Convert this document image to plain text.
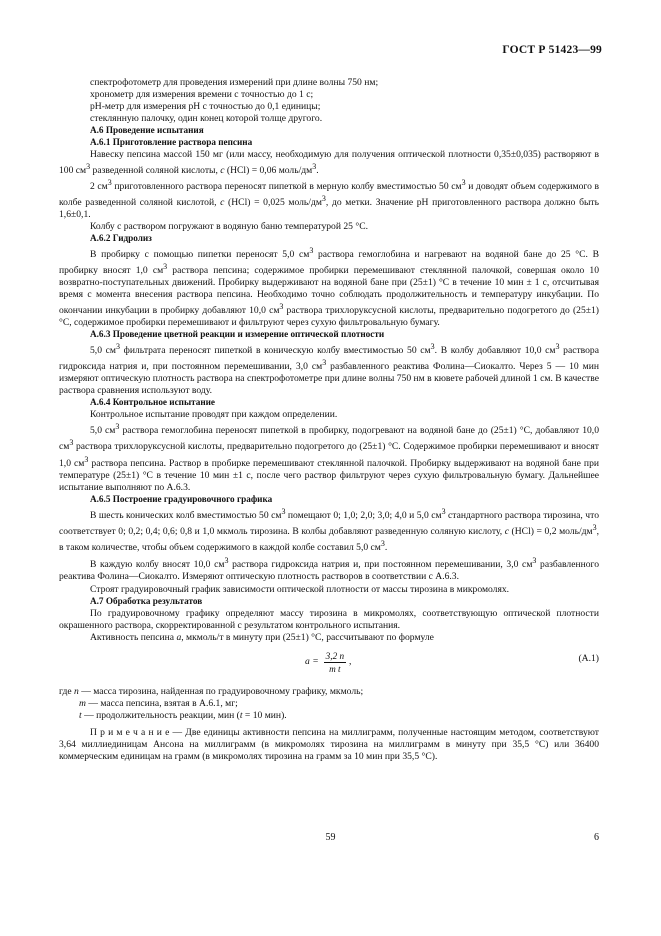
ГОСТ Р 51423—99

спектрофотометр для проведения измерений при длине волны 750 нм;

хронометр для измерения времени с точностью до 1 с;

рН-метр для измерения рН с точностью до 0,1 единицы;

стеклянную палочку, один конец которой толще другого.

А.6 Проведение испытания

А.6.1 Приготовление раствора пепсина

Навеску пепсина массой 150 мг (или массу, необходимую для получения оптической плотности 0,35±0,035) растворяют в 100 $см^3$ разведенной соляной кислоты, c (HCl) = 0,06 моль/$дм^3$.

2 $см^3$ приготовленного раствора переносят пипеткой в мерную колбу вместимостью 50 $см^3$ и доводят объем содержимого в колбе разведенной соляной кислотой, c (HCl) = 0,025 моль/$дм^3$, до метки. Значение рН приготовленного раствора должно быть 1,6±0,1.

Колбу с раствором погружают в водяную баню температурой 25 °С.

А.6.2 Гидролиз

В пробирку с помощью пипетки переносят 5,0 $см^3$ раствора гемоглобина и нагревают на водяной бане до 25 °С. В пробирку вносят 1,0 $см^3$ раствора пепсина; содержимое пробирки перемешивают стеклянной палочкой, совершая около 10 возвратно-поступательных движений. Пробирку выдерживают на водяной бане при (25±1) °С в течение 10 мин ± 1 с, отсчитывая время с момента внесения раствора пепсина. Необходимо точно соблюдать продолжительность и температуру инкубации. По окончании инкубации в пробирку добавляют 10,0 $см^3$ раствора трихлоруксусной кислоты, предварительно подогретого до (25±1) °С, содержимое пробирки перемешивают и фильтруют через сухую фильтровальную бумагу.

А.6.3 Проведение цветной реакции и измерение оптической плотности

5,0 $см^3$ фильтрата переносят пипеткой в коническую колбу вместимостью 50 $см^3$. В колбу добавляют 10,0 $см^3$ раствора гидроксида натрия и, при постоянном перемешивании, 3,0 $см^3$ разбавленного реактива Фолина—Сиокалто. Через 5 — 10 мин измеряют оптическую плотность раствора на спектрофотометре при длине волны 750 нм в кювете рабочей длиной 1 см. В качестве раствора сравнения используют воду.

А.6.4 Контрольное испытание

Контрольное испытание проводят при каждом определении.

5,0 $см^3$ раствора гемоглобина переносят пипеткой в пробирку, подогревают на водяной бане до (25±1) °С, добавляют 10,0 $см^3$ раствора трихлоруксусной кислоты, предварительно подогретого до (25±1) °С. Содержимое пробирки перемешивают и вносят 1,0 $см^3$ раствора пепсина. Раствор в пробирке перемешивают стеклянной палочкой. Пробирку выдерживают на водяной бане при температуре (25±1) °С в течение 10 мин ±1 с, после чего раствор фильтруют через сухую фильтровальную бумагу. Дальнейшее испытание выполняют по А.6.3.

А.6.5 Построение градуировочного графика

В шесть конических колб вместимостью 50 $см^3$ помещают 0; 1,0; 2,0; 3,0; 4,0 и 5,0 $см^3$ стандартного раствора тирозина, что соответствует 0; 0,2; 0,4; 0,6; 0,8 и 1,0 мкмоль тирозина. В колбы добавляют разведенную соляную кислоту, c (HCl) = 0,2 моль/$дм^3$, в таком количестве, чтобы объем содержимого в каждой колбе составил 5,0 $см^3$.

В каждую колбу вносят 10,0 $см^3$ раствора гидроксида натрия и, при постоянном перемешивании, 3,0 $см^3$ разбавленного реактива Фолина—Сиокалто. Измеряют оптическую плотность растворов в соответствии с А.6.3.

Строят градуировочный график зависимости оптической плотности от массы тирозина в микромолях.

А.7 Обработка результатов

По градуировочному графику определяют массу тирозина в микромолях, соответствующую оптической плотности окрашенного раствора, скорректированной с результатом контрольного испытания.

Активность пепсина а, мкмоль/т в минуту при (25±1) °С, рассчитывают по формуле

$a = \frac{3,2 n}{\text{m t}}$ ,	(А.1)

где n — масса тирозина, найденная по градуировочному графику, мкмоль;

m — масса пепсина, взятая в А.6.1, мг;

t — продолжительность реакции, мин (t = 10 мин).

П р и м е ч а н и е — Две единицы активности пепсина на миллиграмм, полученные настоящим методом, соответствуют 3,64 миллиединицам Ансона на миллиграмм (в микромолях тирозина на миллиграмм в минуту при 35,5 °С) или 36400 коммерческим единицам на грамм (в микромолях тирозина на грамм за 10 мин при 35,5 °С).

59	6
